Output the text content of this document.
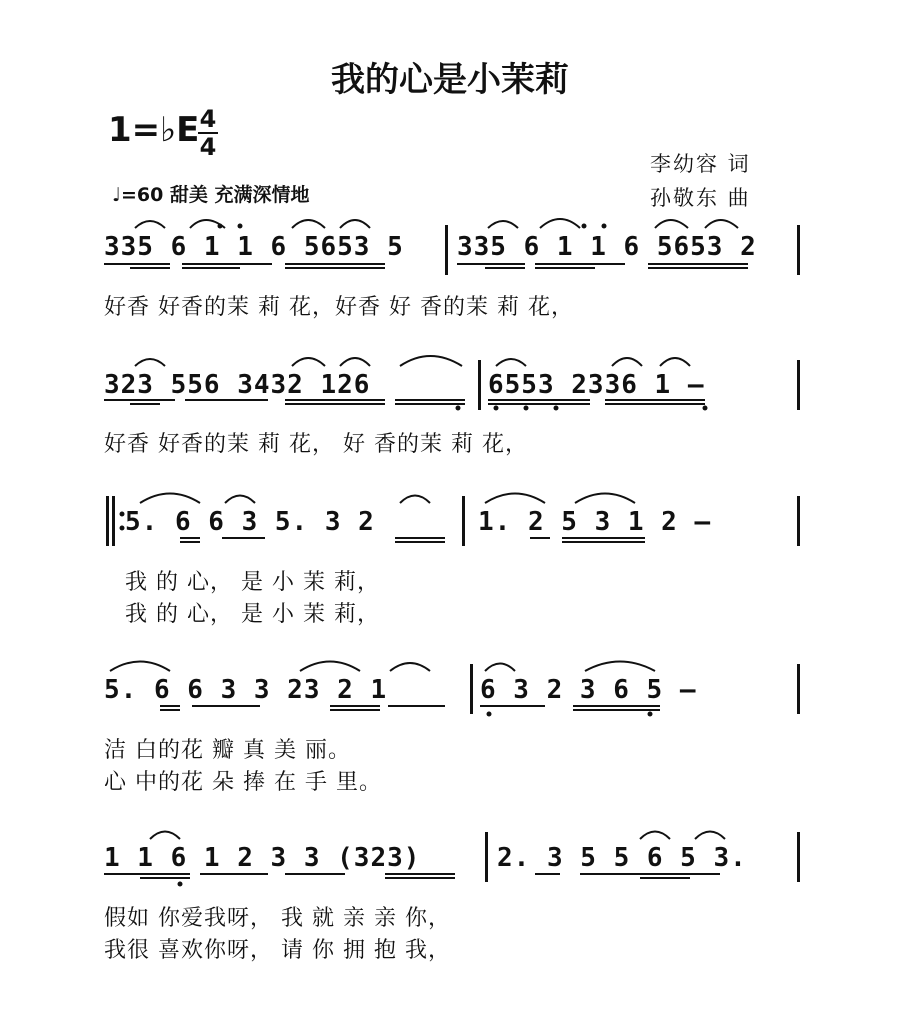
我的心是小茉莉
1=♭E 4
4
♩=60 甜美 充满深情地
李幼容 词
孙敬东 曲
335 6 1 1 6 5653 5 335 6 1 1 6 5653 2
好香 好香的茉 莉 花，好香 好 香的茉 莉 花，
323 556 3432 126	6553 2336 1 —
好香 好香的茉 莉 花， 好 香的茉 莉 花，
5. 6 6 3 5. 3 2	1. 2 5 3 1 2 —
我 的 心， 是 小 茉 莉，
我 的 心， 是 小 茉 莉，
5. 6 6 3 3 23 2 1	6 3 2 3 6 5 —
洁 白的花 瓣 真 美 丽。
心 中的花 朵 捧 在 手 里。
1 1 6 1 2 3 3 (323)	2. 3 5 5 6 5 3.
假如 你爱我呀， 我 就 亲 亲 你，
我很 喜欢你呀， 请 你 拥 抱 我，
